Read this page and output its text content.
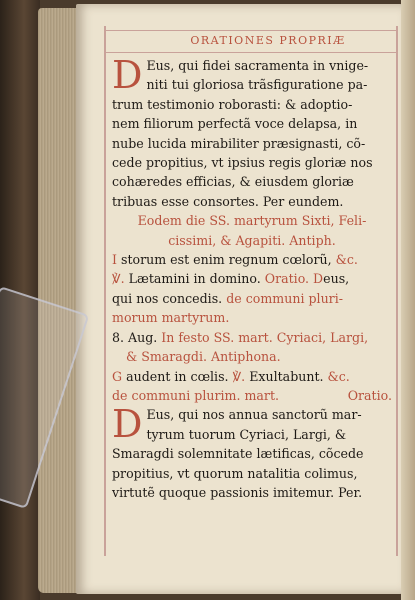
ORATIONES PROPRIÆ
D Eus, qui fidei sacramenta in vnige-
niti tui gloriosa trãsfiguratione pa-
trum testimonio roborasti: & adoptio-
nem filiorum perfectã voce delapsa, in
nube lucida mirabiliter præsignasti, cõ-
cede propitius, vt ipsius regis gloriæ nos
cohæredes efficias, & eiusdem gloriæ
tribuas esse consortes. Per eundem.
Eodem die SS. martyrum Sixti, Feli-
cissimi, & Agapiti. Antiph.
I storum est enim regnum cœlorũ, &c.
℣. Lætamini in domino. Oratio. Deus,
qui nos concedis. de communi pluri-
morum martyrum.
8. Aug. In festo SS. mart. Cyriaci, Largi,
& Smaragdi. Antiphona.
G audent in cœlis. ℣. Exultabunt. &c.
de communi plurim. mart.	Oratio.
D Eus, qui nos annua sanctorũ mar-
tyrum tuorum Cyriaci, Largi, &
Smaragdi solemnitate lætificas, cõcede
propitius, vt quorum natalitia colimus,
virtutẽ quoque passionis imitemur. Per.
